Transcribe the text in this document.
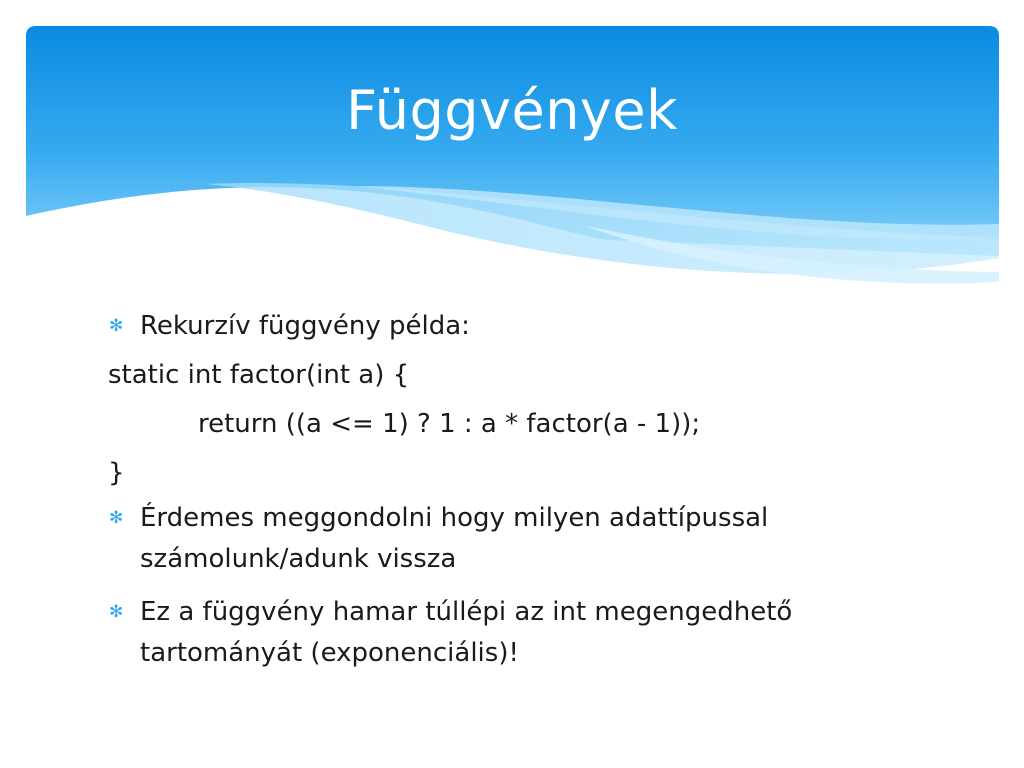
Függvények
✻ Rekurzív függvény példa:
static int factor(int a) {
return ((a <= 1) ? 1 : a * factor(a - 1));
}
✻ Érdemes meggondolni hogy milyen adattípussal számolunk/adunk vissza
✻ Ez a függvény hamar túllépi az int megengedhető tartományát (exponenciális)!
